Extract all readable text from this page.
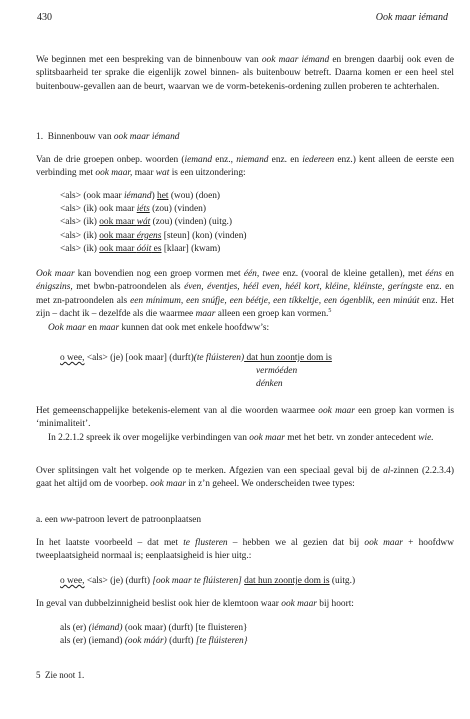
430	Ook maar iémand

We beginnen met een bespreking van de binnenbouw van ook maar iémand en brengen daarbij ook even de splitsbaarheid ter sprake die eigenlijk zowel binnen- als buitenbouw betreft. Daarna komen er een heel stel buitenbouw-gevallen aan de beurt, waarvan we de vorm-betekenis-ordening zullen proberen te achterhalen.

1. Binnenbouw van ook maar iémand

Van de drie groepen onbep. woorden (iemand enz., niemand enz. en iedereen enz.) kent alleen de eerste een verbinding met ook maar, maar wat is een uitzondering:

<als> (ook maar iémand) het (wou) (doen)
<als> (ik) ook maar iéts (zou) (vinden)
<als> (ik) ook maar wát (zou) (vinden) (uitg.)
<als> (ik) ook maar érgens [steun] (kon) (vinden)
<als> (ik) ook maar óóit es [klaar] (kwam)

Ook maar kan bovendien nog een groep vormen met één, twee enz. (vooral de kleine getallen), met ééns en énigszins, met bwbn-patroondelen als éven, éventjes, héél even, héél kort, kléine, kléinste, geríngste enz. en met zn-patroondelen als een mínimum, een snúfje, een béétje, een tíkkeltje, een ógenblik, een minúút enz. Het zijn – dacht ik – dezelfde als die waarmee maar alleen een groep kan vormen.$^5$

Ook maar en maar kunnen dat ook met enkele hoofdww’s:

o wee, <als> (je) [ook maar] (durft)(te flúisteren) dat hun zoontje dom is
vermóéden
dénken

Het gemeenschappelijke betekenis-element van al die woorden waarmee ook maar een groep kan vormen is ‘minimaliteit’.

In 2.2.1.2 spreek ik over mogelijke verbindingen van ook maar met het betr. vn zonder antecedent wie.

Over splitsingen valt het volgende op te merken. Afgezien van een speciaal geval bij de al-zinnen (2.2.3.4) gaat het altijd om de voorbep. ook maar in z’n geheel. We onderscheiden twee types:

a. een ww-patroon levert de patroonplaatsen

In het laatste voorbeeld – dat met te flusteren – hebben we al gezien dat bij ook maar + hoofdww tweeplaatsigheid normaal is; eenplaatsigheid is hier uitg.:

o wee, <als> (je) (durft) [ook maar te flúisteren] dat hun zoontje dom is (uitg.)

In geval van dubbelzinnigheid beslist ook hier de klemtoon waar ook maar bij hoort:

als (er) (iémand) (ook maar) (durft) [te fluisteren}
als (er) (iemand) (ook máár) (durft) [te flúisteren}
5 Zie noot 1.
